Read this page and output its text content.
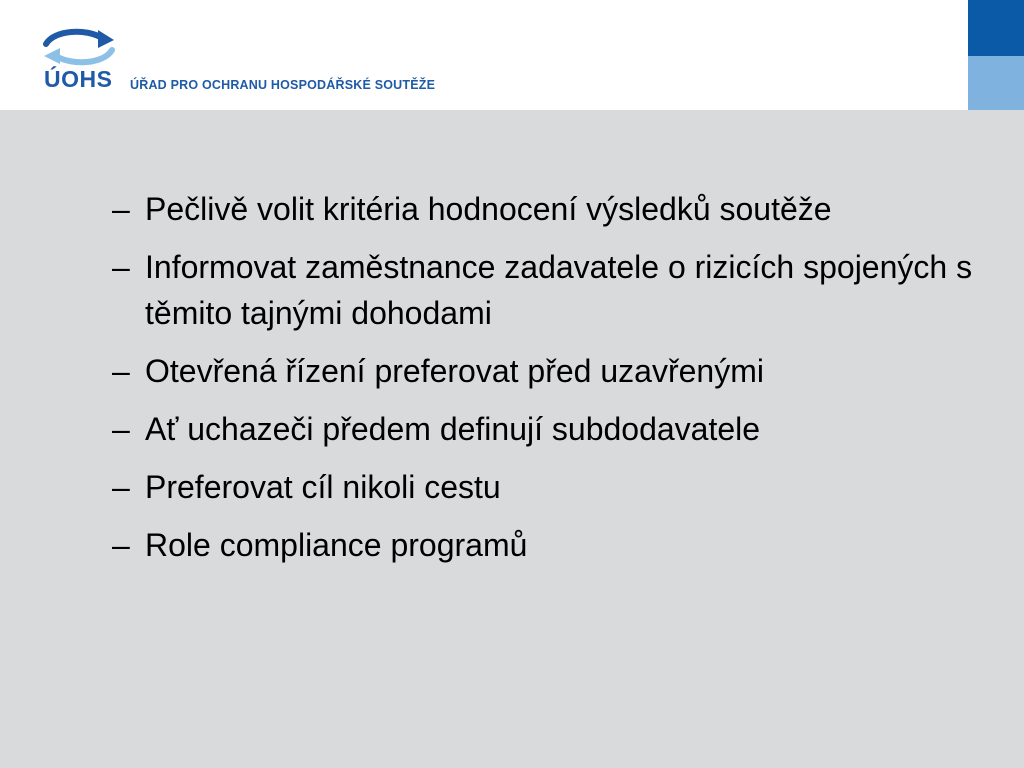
ÚOHS ÚŘAD PRO OCHRANU HOSPODÁŘSKÉ SOUTĚŽE
– Pečlivě volit kritéria hodnocení výsledků soutěže
– Informovat zaměstnance zadavatele o rizicích spojených s těmito tajnými dohodami
– Otevřená řízení preferovat před uzavřenými
– Ať uchazeči předem definují subdodavatele
– Preferovat cíl nikoli cestu
– Role compliance programů
